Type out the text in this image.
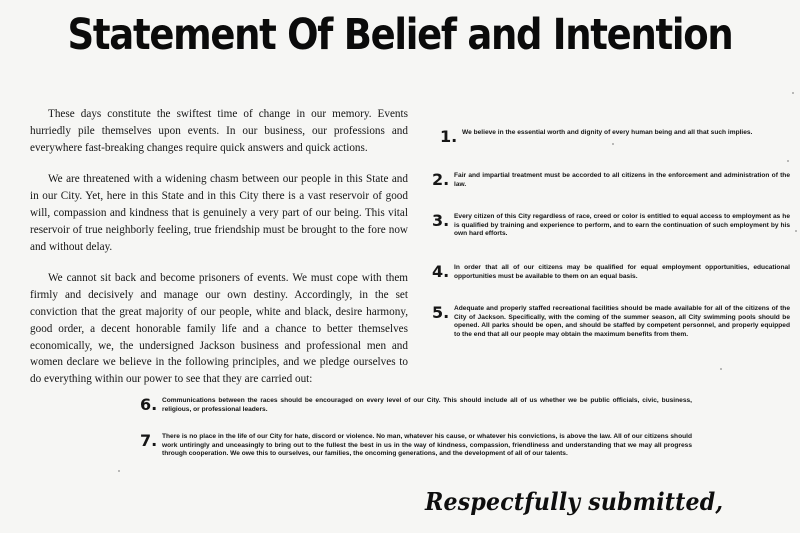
Statement Of Belief and Intention

These days constitute the swiftest time of change in our memory. Events hurriedly pile themselves upon events. In our business, our professions and everywhere fast-breaking changes require quick answers and quick actions.

We are threatened with a widening chasm between our people in this State and in our City. Yet, here in this State and in this City there is a vast reservoir of good will, compassion and kindness that is genuinely a very part of our being. This vital reservoir of true neighborly feeling, true friendship must be brought to the fore now and without delay.

We cannot sit back and become prisoners of events. We must cope with them firmly and decisively and manage our own destiny. Accordingly, in the set conviction that the great majority of our people, white and black, desire harmony, good order, a decent honorable family life and a chance to better themselves economically, we, the undersigned Jackson business and professional men and women declare we believe in the following principles, and we pledge ourselves to do everything within our power to see that they are carried out:

1. We believe in the essential worth and dignity of every human being and all that such implies.
2. Fair and impartial treatment must be accorded to all citizens in the enforcement and administration of the law.
3. Every citizen of this City regardless of race, creed or color is entitled to equal access to employment as he is qualified by training and experience to perform, and to earn the continuation of such employment by his own hard efforts.
4. In order that all of our citizens may be qualified for equal employment opportunities, educational opportunities must be available to them on an equal basis.
5. Adequate and properly staffed recreational facilities should be made available for all of the citizens of the City of Jackson. Specifically, with the coming of the summer season, all City swimming pools should be opened. All parks should be open, and should be staffed by competent personnel, and properly equipped to the end that all our people may obtain the maximum benefits from them.
6. Communications between the races should be encouraged on every level of our City. This should include all of us whether we be public officials, civic, business, religious, or professional leaders.
7. There is no place in the life of our City for hate, discord or violence. No man, whatever his cause, or whatever his convictions, is above the law. All of our citizens should work untiringly and unceasingly to bring out to the fullest the best in us in the way of kindness, compassion, friendliness and understanding that we may all progress through cooperation. We owe this to ourselves, our families, the oncoming generations, and the development of all of our talents.
Respectfully submitted,
